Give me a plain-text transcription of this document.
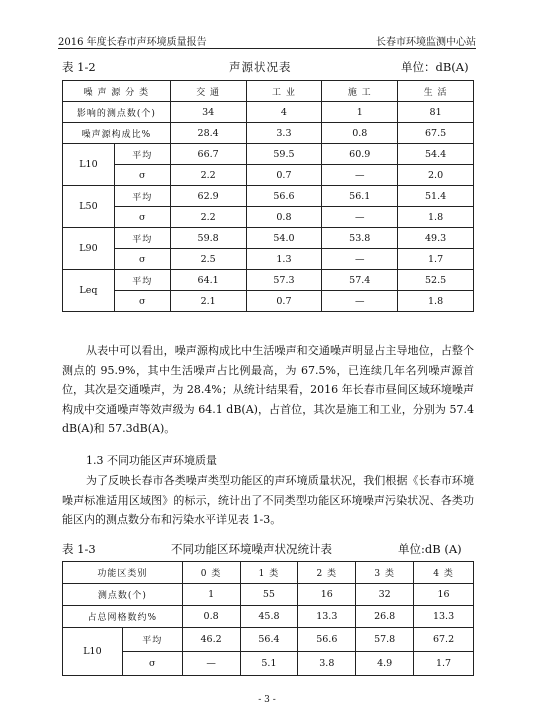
2016 年度长春市声环境质量报告	长春市环境监测中心站
表 1-2	声源状况表	单位：dB(A)
噪 声 源 分 类		交 通	工 业	施 工	生 活
影响的测点数(个)		34	4	1	81
噪声源构成比%		28.4	3.3	0.8	67.5
L10	平均	66.7	59.5	60.9	54.4
	σ	2.2	0.7	—	2.0
L50	平均	62.9	56.6	56.1	51.4
	σ	2.2	0.8	—	1.8
L90	平均	59.8	54.0	53.8	49.3
	σ	2.5	1.3	—	1.7
Leq	平均	64.1	57.3	57.4	52.5
	σ	2.1	0.7	—	1.8

从表中可以看出，噪声源构成比中生活噪声和交通噪声明显占主导地位，占整个测点的 95.9%，其中生活噪声占比例最高，为 67.5%，已连续几年名列噪声源首位，其次是交通噪声，为 28.4%；从统计结果看，2016 年长春市昼间区域环境噪声构成中交通噪声等效声级为 64.1 dB(A)，占首位，其次是施工和工业，分别为 57.4 dB(A)和 57.3dB(A)。

1.3 不同功能区声环境质量

为了反映长春市各类噪声类型功能区的声环境质量状况，我们根据《长春市环境噪声标准适用区域图》的标示，统计出了不同类型功能区环境噪声污染状况、各类功能区内的测点数分布和污染水平详见表 1-3。

表 1-3	不同功能区环境噪声状况统计表	单位:dB (A)
功能区类别		0 类	1 类	2 类	3 类	4 类
测点数(个)		1	55	16	32	16
占总网格数约%		0.8	45.8	13.3	26.8	13.3
L10	平均	46.2	56.4	56.6	57.8	67.2
	σ	—	5.1	3.8	4.9	1.7
- 3 -
